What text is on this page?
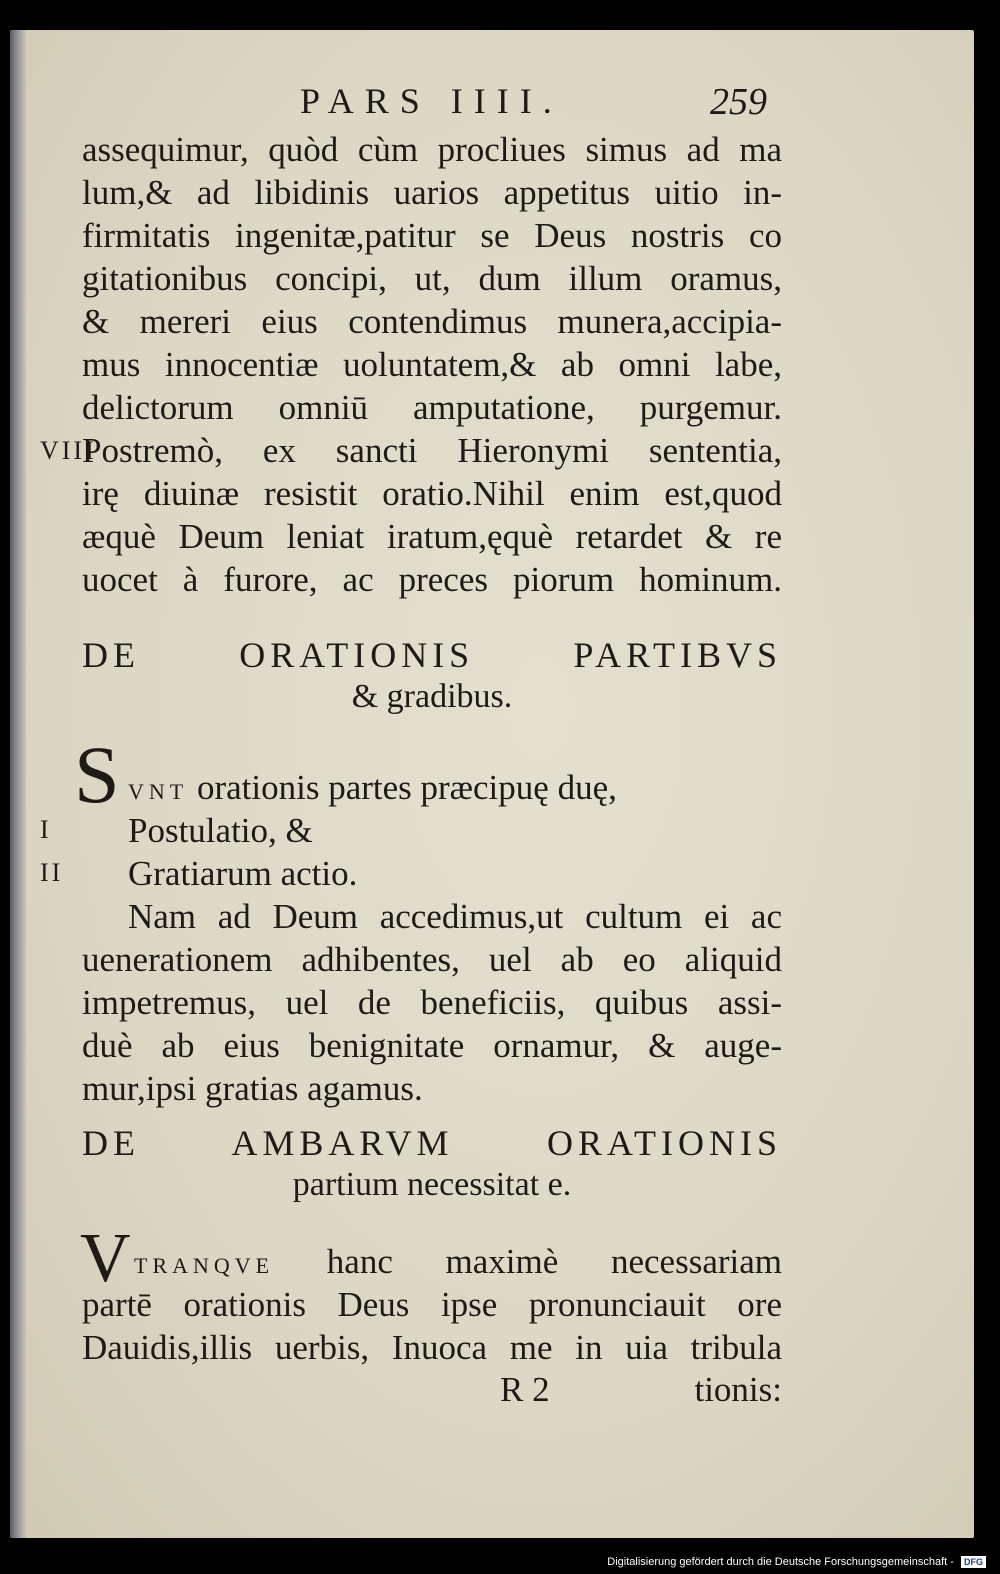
PARS IIII.	259
assequimur, quòd cùm procliues simus ad ma
lum,& ad libidinis uarios appetitus uitio in-
firmitatis ingenitæ,patitur se Deus nostris co
gitationibus concipi, ut, dum illum oramus,
& mereri eius contendimus munera,accipia-
mus innocentiæ uoluntatem,& ab omni labe,
delictorum omniū amputatione, purgemur.
VIII
Postremò, ex sancti Hieronymi sententia,
irę diuinæ resistit oratio.Nihil enim est,quod
æquè Deum leniat iratum,ęquè retardet & re
uocet à furore, ac preces piorum hominum.
DE ORATIONIS PARTIBVS
& gradibus.
S VNT orationis partes præcipuę duę,
I Postulatio, &
II Gratiarum actio.
Nam ad Deum accedimus,ut cultum ei ac
uenerationem adhibentes, uel ab eo aliquid
impetremus, uel de beneficiis, quibus assi-
duè ab eius benignitate ornamur, & auge-
mur,ipsi gratias agamus.
DE AMBARVM ORATIONIS
partium necessitat e.
V TRANQVE hanc maximè necessariam
partē orationis Deus ipse pronunciauit ore
Dauidis,illis uerbis, Inuoca me in uia tribula
R 2	tionis:
Digitalisierung gefördert durch die Deutsche Forschungsgemeinschaft - DFG
